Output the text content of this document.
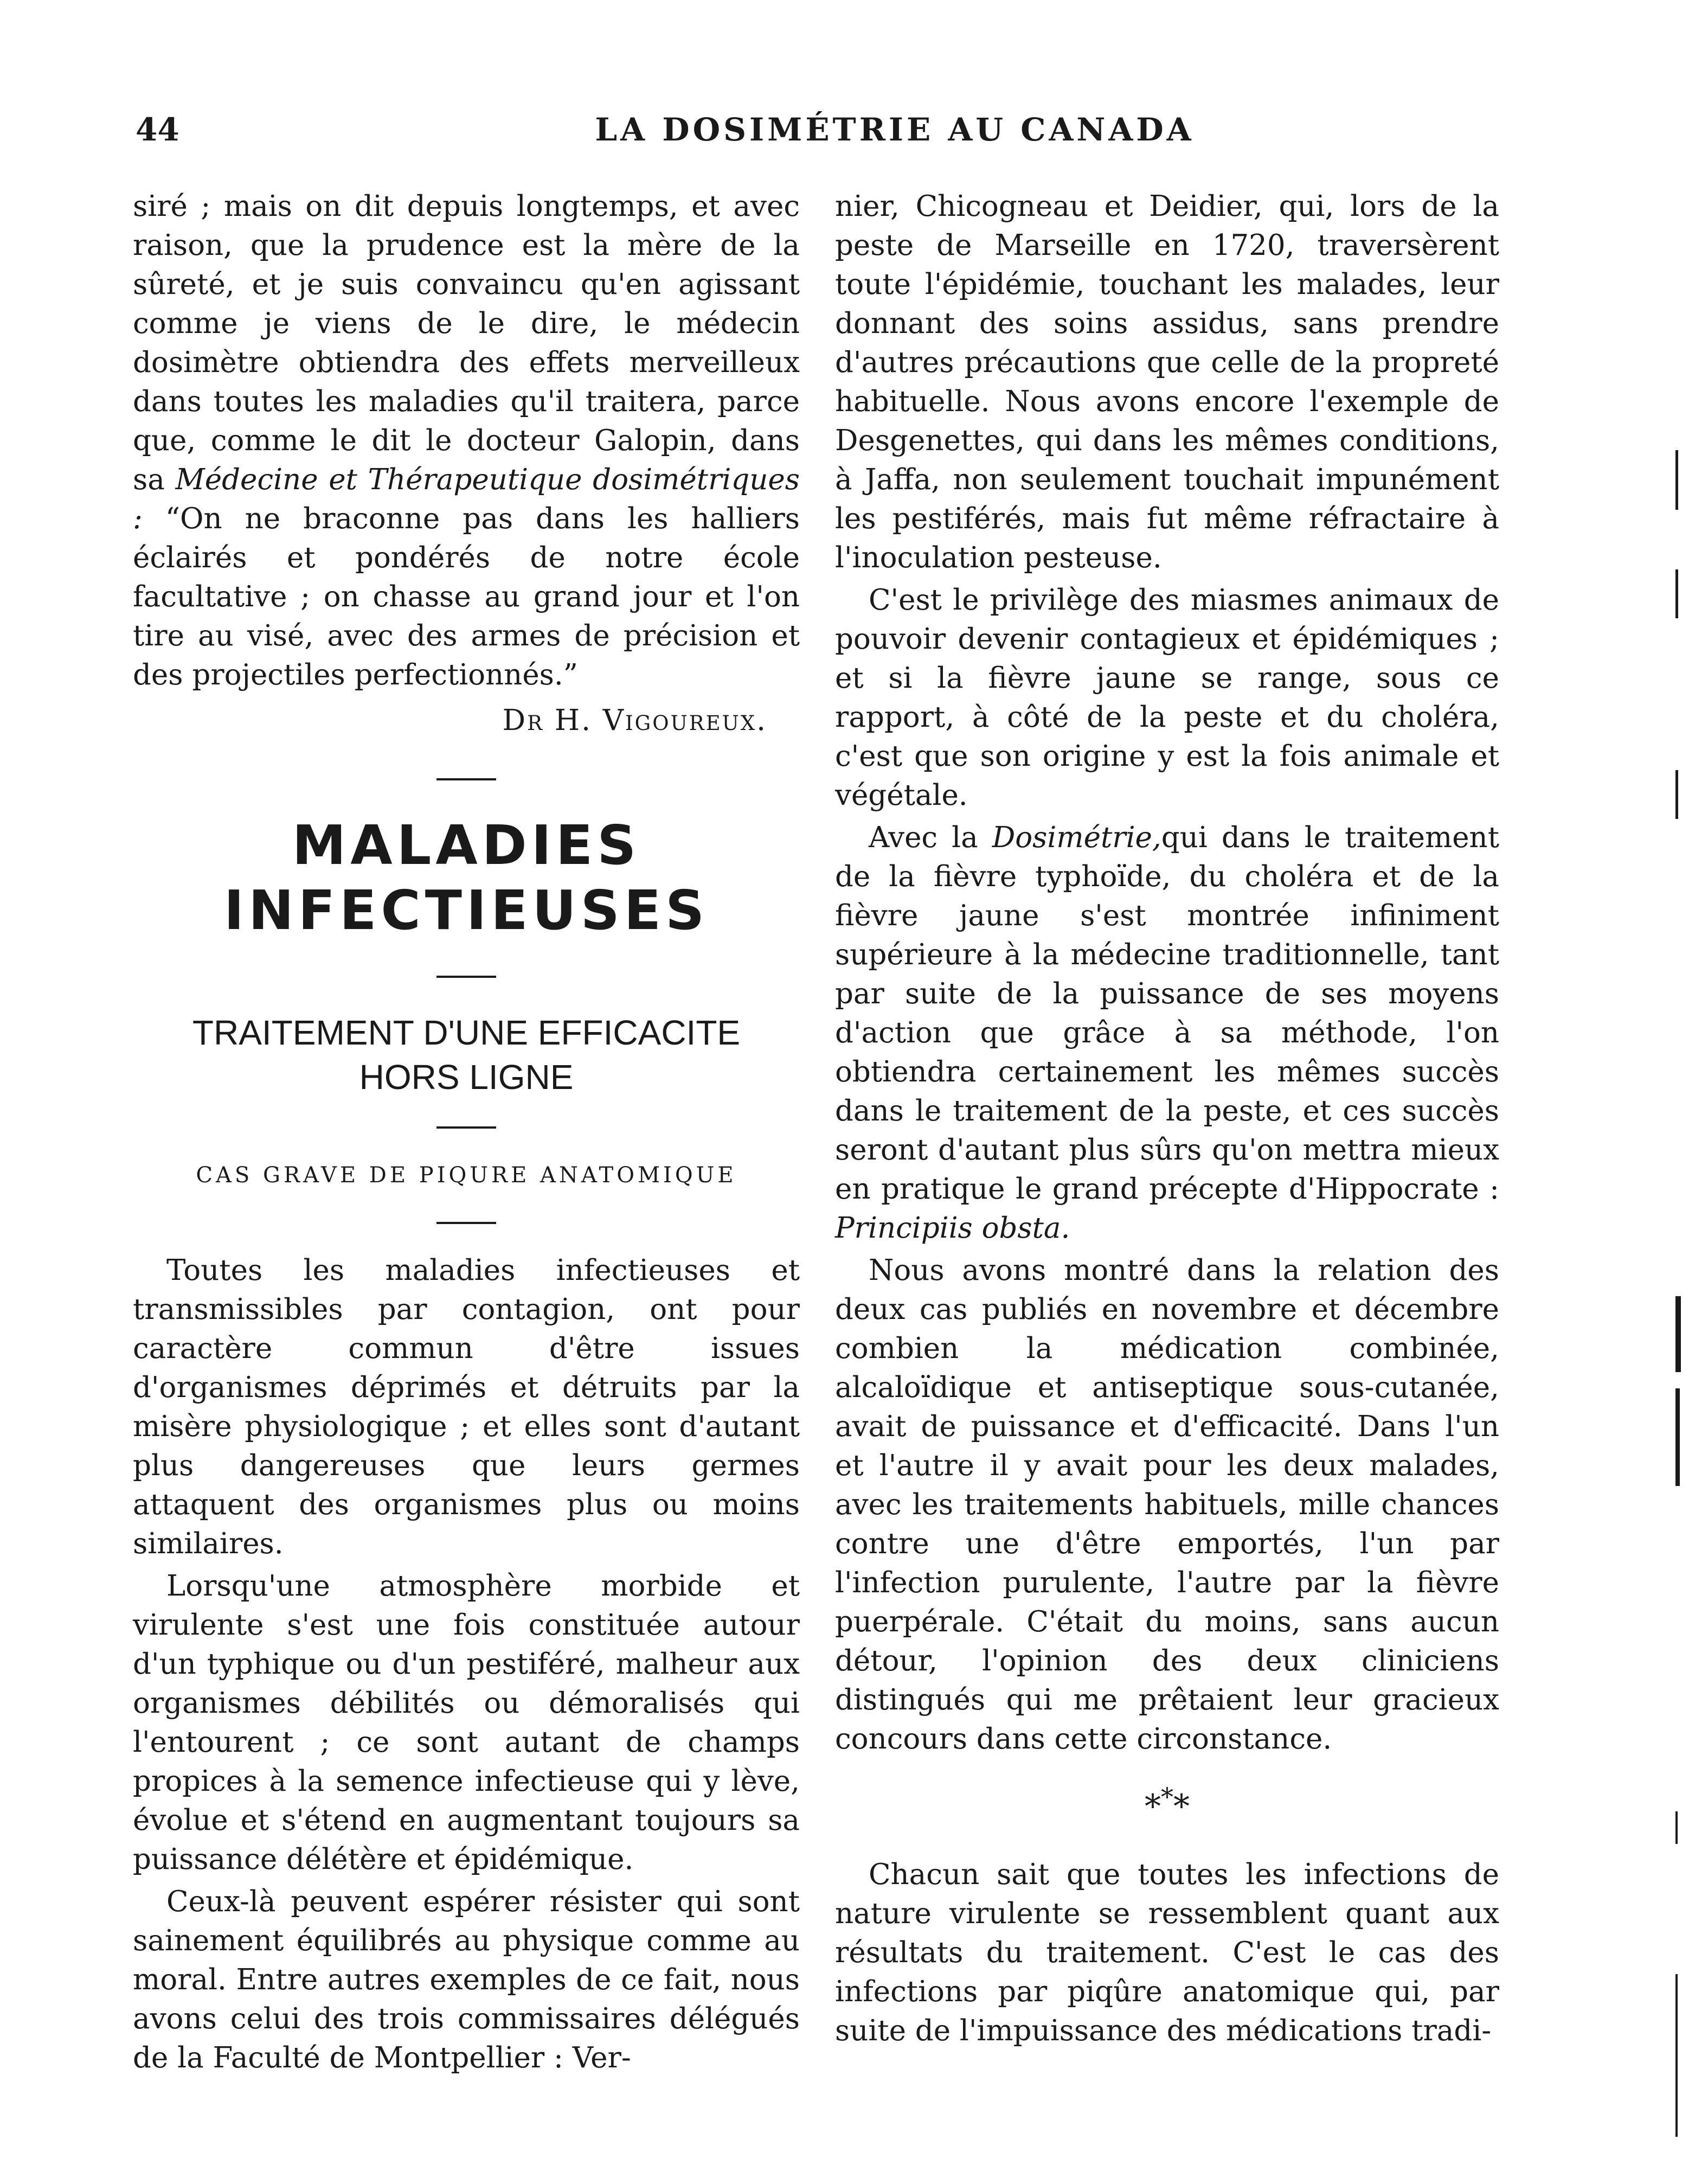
44	LA DOSIMÉTRIE AU CANADA

siré ; mais on dit depuis longtemps, et avec raison, que la prudence est la mère de la sûreté, et je suis convaincu qu'en agissant comme je viens de le dire, le médecin dosimètre obtiendra des effets merveilleux dans toutes les maladies qu'il traitera, parce que, comme le dit le docteur Galopin, dans sa Médecine et Thérapeutique dosimétriques : “On ne braconne pas dans les halliers éclairés et pondérés de notre école facultative ; on chasse au grand jour et l'on tire au visé, avec des armes de précision et des projectiles perfectionnés.”

Dr H. Vigoureux.
MALADIES INFECTIEUSES
TRAITEMENT D'UNE EFFICACITE
HORS LIGNE
CAS GRAVE DE PIQURE ANATOMIQUE

Toutes les maladies infectieuses et transmissibles par contagion, ont pour caractère commun d'être issues d'organismes déprimés et détruits par la misère physiologique ; et elles sont d'autant plus dangereuses que leurs germes attaquent des organismes plus ou moins similaires.

Lorsqu'une atmosphère morbide et virulente s'est une fois constituée autour d'un typhique ou d'un pestiféré, malheur aux organismes débilités ou démoralisés qui l'entourent ; ce sont autant de champs propices à la semence infectieuse qui y lève, évolue et s'étend en augmentant toujours sa puissance délétère et épidémique.

Ceux-là peuvent espérer résister qui sont sainement équilibrés au physique comme au moral. Entre autres exemples de ce fait, nous avons celui des trois commissaires délégués de la Faculté de Montpellier : Ver-

nier, Chicogneau et Deidier, qui, lors de la peste de Marseille en 1720, traversèrent toute l'épidémie, touchant les malades, leur donnant des soins assidus, sans prendre d'autres précautions que celle de la propreté habituelle. Nous avons encore l'exemple de Desgenettes, qui dans les mêmes conditions, à Jaffa, non seulement touchait impunément les pestiférés, mais fut même réfractaire à l'inoculation pesteuse.

C'est le privilège des miasmes animaux de pouvoir devenir contagieux et épidémiques ; et si la fièvre jaune se range, sous ce rapport, à côté de la peste et du choléra, c'est que son origine y est la fois animale et végétale.

Avec la Dosimétrie,qui dans le traitement de la fièvre typhoïde, du choléra et de la fièvre jaune s'est montrée infiniment supérieure à la médecine traditionnelle, tant par suite de la puissance de ses moyens d'action que grâce à sa méthode, l'on obtiendra certainement les mêmes succès dans le traitement de la peste, et ces succès seront d'autant plus sûrs qu'on mettra mieux en pratique le grand précepte d'Hippocrate : Principiis obsta.

Nous avons montré dans la relation des deux cas publiés en novembre et décembre combien la médication combinée, alcaloïdique et antiseptique sous-cutanée, avait de puissance et d'efficacité. Dans l'un et l'autre il y avait pour les deux malades, avec les traitements habituels, mille chances contre une d'être emportés, l'un par l'infection purulente, l'autre par la fièvre puerpérale. C'était du moins, sans aucun détour, l'opinion des deux cliniciens distingués qui me prêtaient leur gracieux concours dans cette circonstance.

***

Chacun sait que toutes les infections de nature virulente se ressemblent quant aux résultats du traitement. C'est le cas des infections par piqûre anatomique qui, par suite de l'impuissance des médications tradi-
